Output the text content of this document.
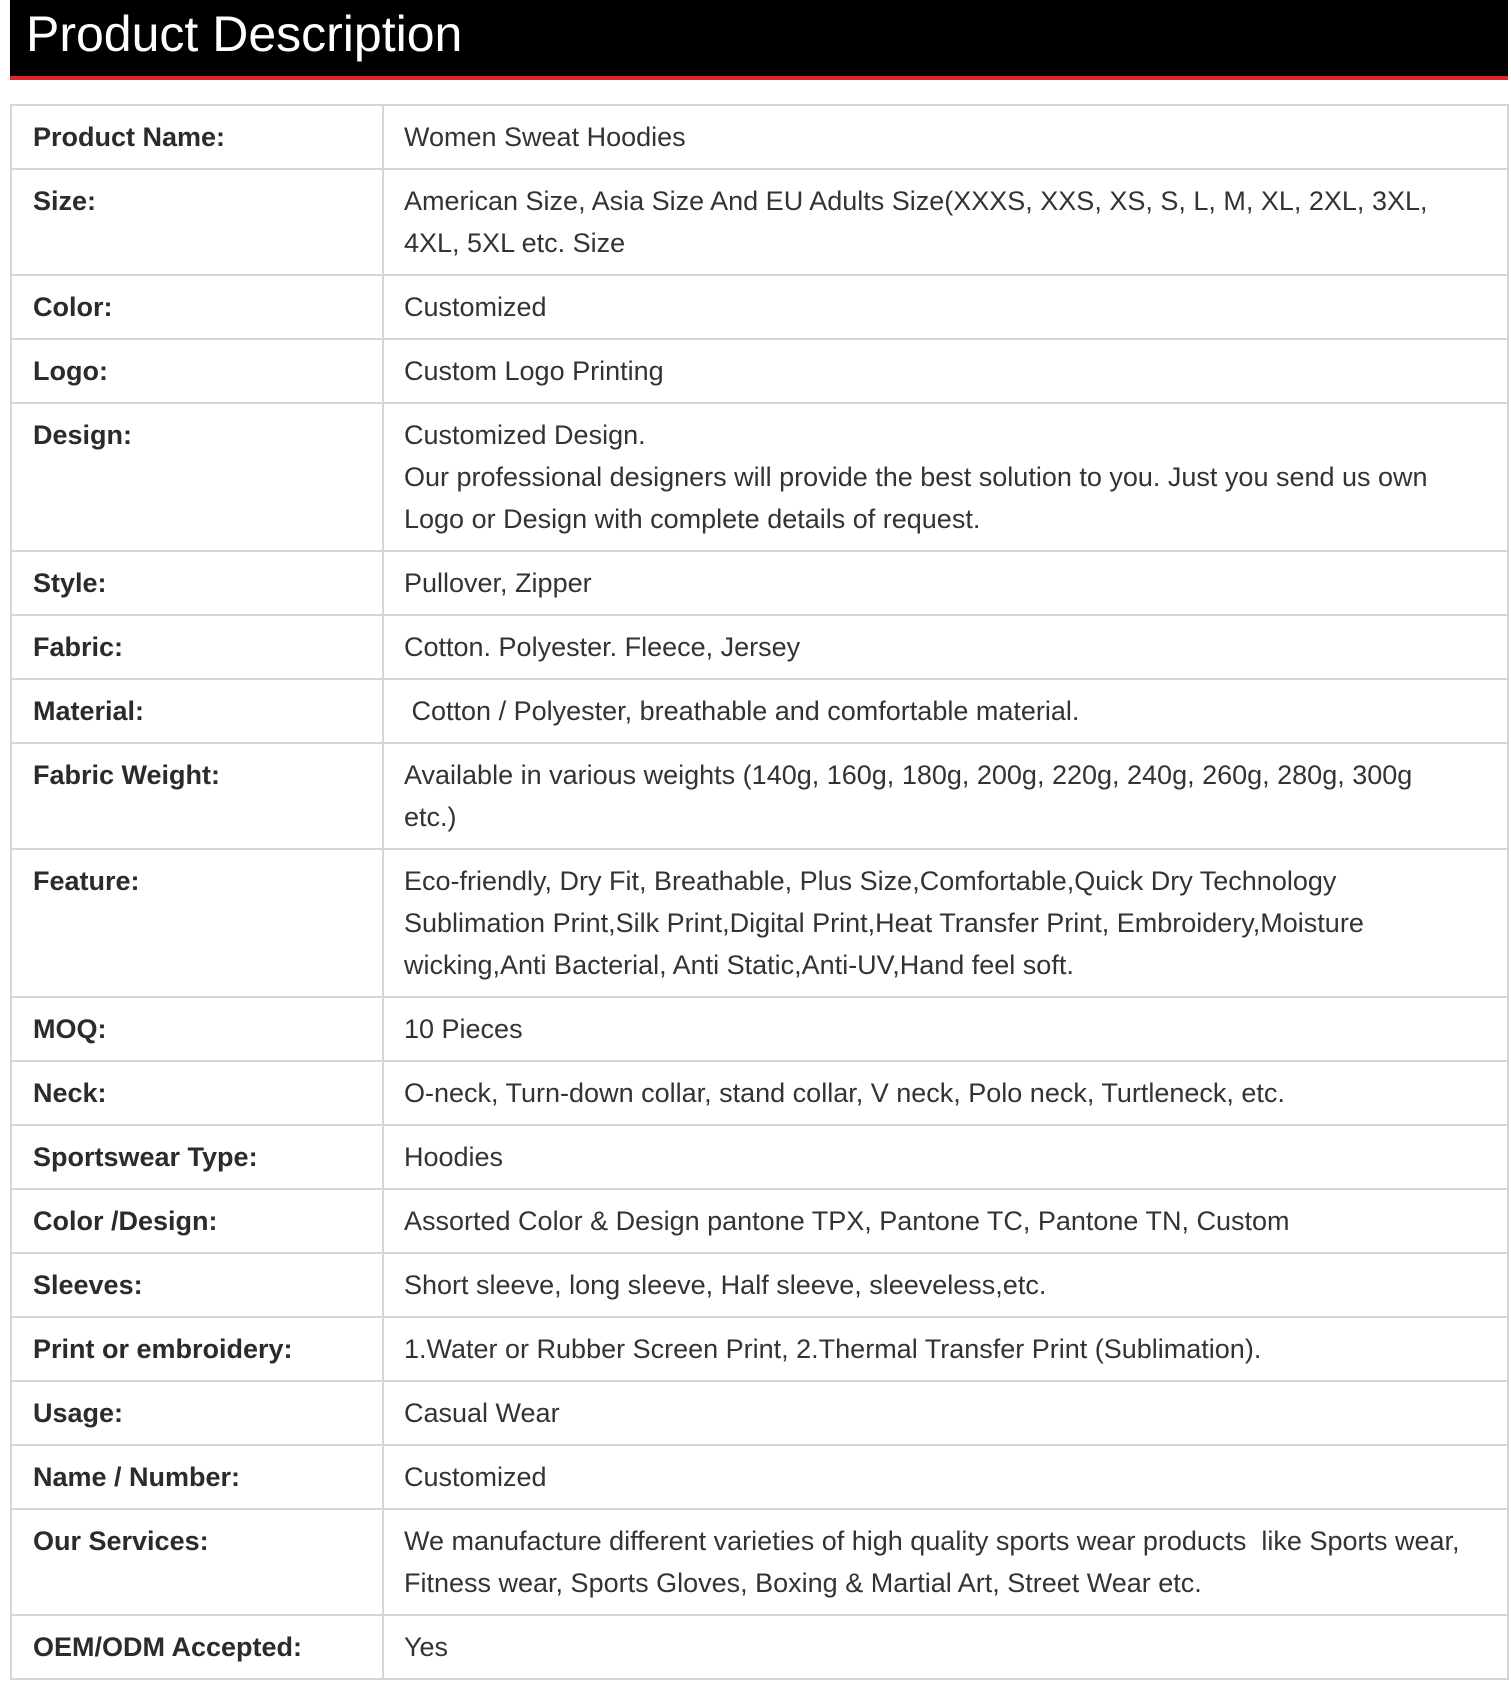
Product Description
Product Name:	Women Sweat Hoodies

Size:	American Size, Asia Size And EU Adults Size(XXXS, XXS, XS, S, L, M, XL, 2XL, 3XL, 4XL, 5XL etc. Size

Color:	Customized

Logo:	Custom Logo Printing

Design:	Customized Design.
Our professional designers will provide the best solution to you. Just you send us own Logo or Design with complete details of request.

Style:	Pullover, Zipper

Fabric:	Cotton. Polyester. Fleece, Jersey

Material:	Cotton / Polyester, breathable and comfortable material.

Fabric Weight:	Available in various weights (140g, 160g, 180g, 200g, 220g, 240g, 260g, 280g, 300g etc.)

Feature:	Eco-friendly, Dry Fit, Breathable, Plus Size,Comfortable,Quick Dry Technology Sublimation Print,Silk Print,Digital Print,Heat Transfer Print, Embroidery,Moisture wicking,Anti Bacterial, Anti Static,Anti-UV,Hand feel soft.

MOQ:	10 Pieces

Neck:	O-neck, Turn-down collar, stand collar, V neck, Polo neck, Turtleneck, etc.

Sportswear Type:	Hoodies

Color /Design:	Assorted Color & Design pantone TPX, Pantone TC, Pantone TN, Custom

Sleeves:	Short sleeve, long sleeve, Half sleeve, sleeveless,etc.

Print or embroidery:	1.Water or Rubber Screen Print, 2.Thermal Transfer Print (Sublimation).

Usage:	Casual Wear

Name / Number:	Customized

Our Services:	We manufacture different varieties of high quality sports wear products  like Sports wear, Fitness wear, Sports Gloves, Boxing & Martial Art, Street Wear etc.

OEM/ODM Accepted:	Yes
